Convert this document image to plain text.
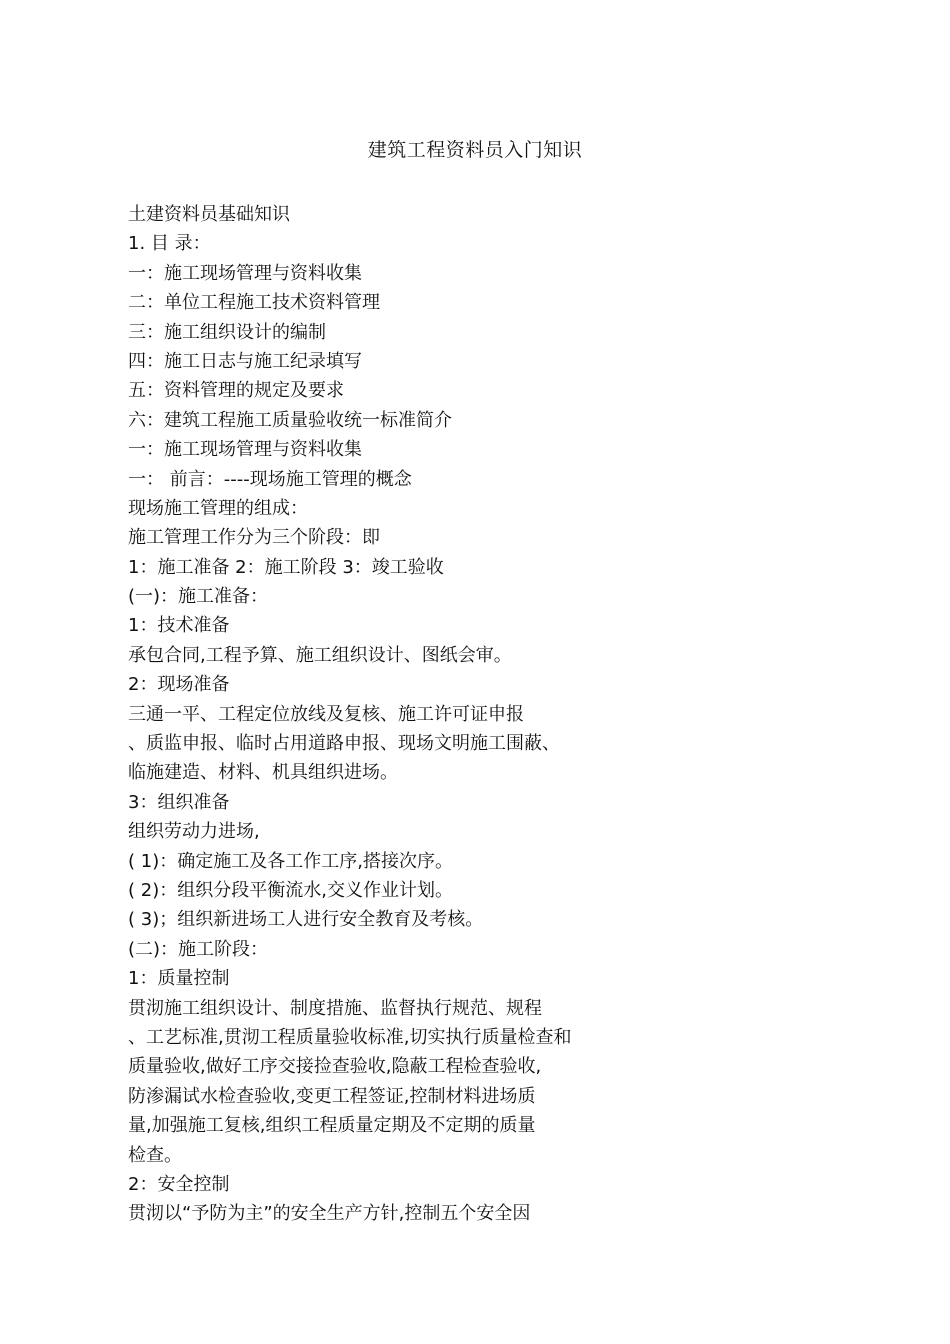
建筑工程资料员入门知识
土建资料员基础知识
1. 目 录：
一：施工现场管理与资料收集
二：单位工程施工技术资料管理
三：施工组织设计的编制
四：施工日志与施工纪录填写
五：资料管理的规定及要求
六：建筑工程施工质量验收统一标准简介
一：施工现场管理与资料收集
一： 前言：----现场施工管理的概念
现场施工管理的组成：
施工管理工作分为三个阶段：即
1：施工准备 2：施工阶段 3：竣工验收
(一)：施工准备：
1：技术准备
承包合同,工程予算、施工组织设计、图纸会审。
2：现场准备
三通一平、工程定位放线及复核、施工许可证申报
、质监申报、临时占用道路申报、现场文明施工围蔽、
临施建造、材料、机具组织进场。
3：组织准备
组织劳动力进场,
( 1)：确定施工及各工作工序,搭接次序。
( 2)：组织分段平衡流水,交义作业计划。
( 3)；组织新进场工人进行安全教育及考核。
(二)：施工阶段：
1：质量控制
贯沏施工组织设计、制度措施、监督执行规范、规程
、工艺标准,贯沏工程质量验收标准,切实执行质量检查和
质量验收,做好工序交接捡查验收,隐蔽工程检查验收,
防渗漏试水检查验收,变更工程签证,控制材料进场质
量,加强施工复核,组织工程质量定期及不定期的质量
检查。
2：安全控制
贯沏以“予防为主”的安全生产方针,控制五个安全因
